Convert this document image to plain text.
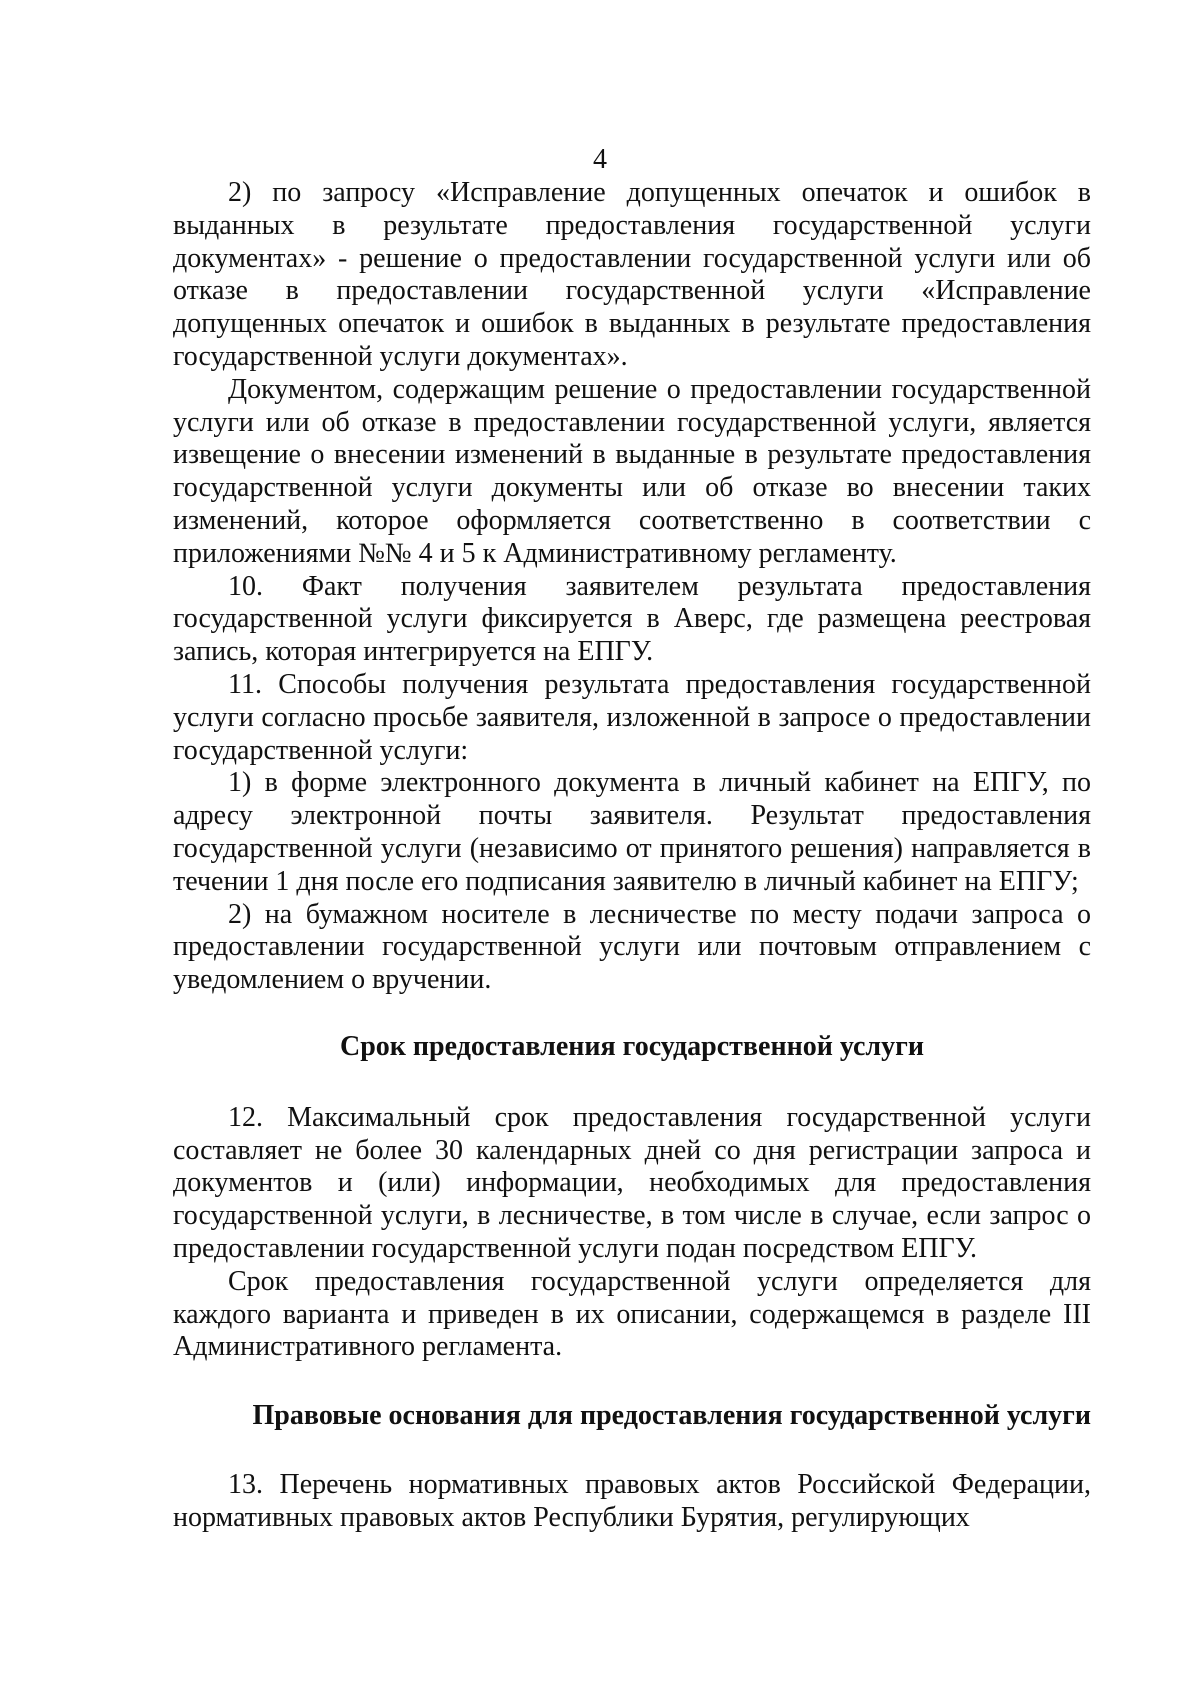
4

2) по запросу «Исправление допущенных опечаток и ошибок в выданных в результате предоставления государственной услуги документах» - решение о предоставлении государственной услуги или об отказе в предоставлении государственной услуги «Исправление допущенных опечаток и ошибок в выданных в результате предоставления государственной услуги документах».

Документом, содержащим решение о предоставлении государственной услуги или об отказе в предоставлении государственной услуги, является извещение о внесении изменений в выданные в результате предоставления государственной услуги документы или об отказе во внесении таких изменений, которое оформляется соответственно в соответствии с приложениями №№ 4 и 5 к Административному регламенту.

10. Факт получения заявителем результата предоставления государственной услуги фиксируется в Аверс, где размещена реестровая запись, которая интегрируется на ЕПГУ.

11. Способы получения результата предоставления государственной услуги согласно просьбе заявителя, изложенной в запросе о предоставлении государственной услуги:

1) в форме электронного документа в личный кабинет на ЕПГУ, по адресу электронной почты заявителя. Результат предоставления государственной услуги (независимо от принятого решения) направляется в течении 1 дня после его подписания заявителю в личный кабинет на ЕПГУ;

2) на бумажном носителе в лесничестве по месту подачи запроса о предоставлении государственной услуги или почтовым отправлением с уведомлением о вручении.

Срок предоставления государственной услуги

12. Максимальный срок предоставления государственной услуги составляет не более 30 календарных дней со дня регистрации запроса и документов и (или) информации, необходимых для предоставления государственной услуги, в лесничестве, в том числе в случае, если запрос о предоставлении государственной услуги подан посредством ЕПГУ.

Срок предоставления государственной услуги определяется для каждого варианта и приведен в их описании, содержащемся в разделе III Административного регламента.

Правовые основания для предоставления государственной услуги

13. Перечень нормативных правовых актов Российской Федерации, нормативных правовых актов Республики Бурятия, регулирующих
